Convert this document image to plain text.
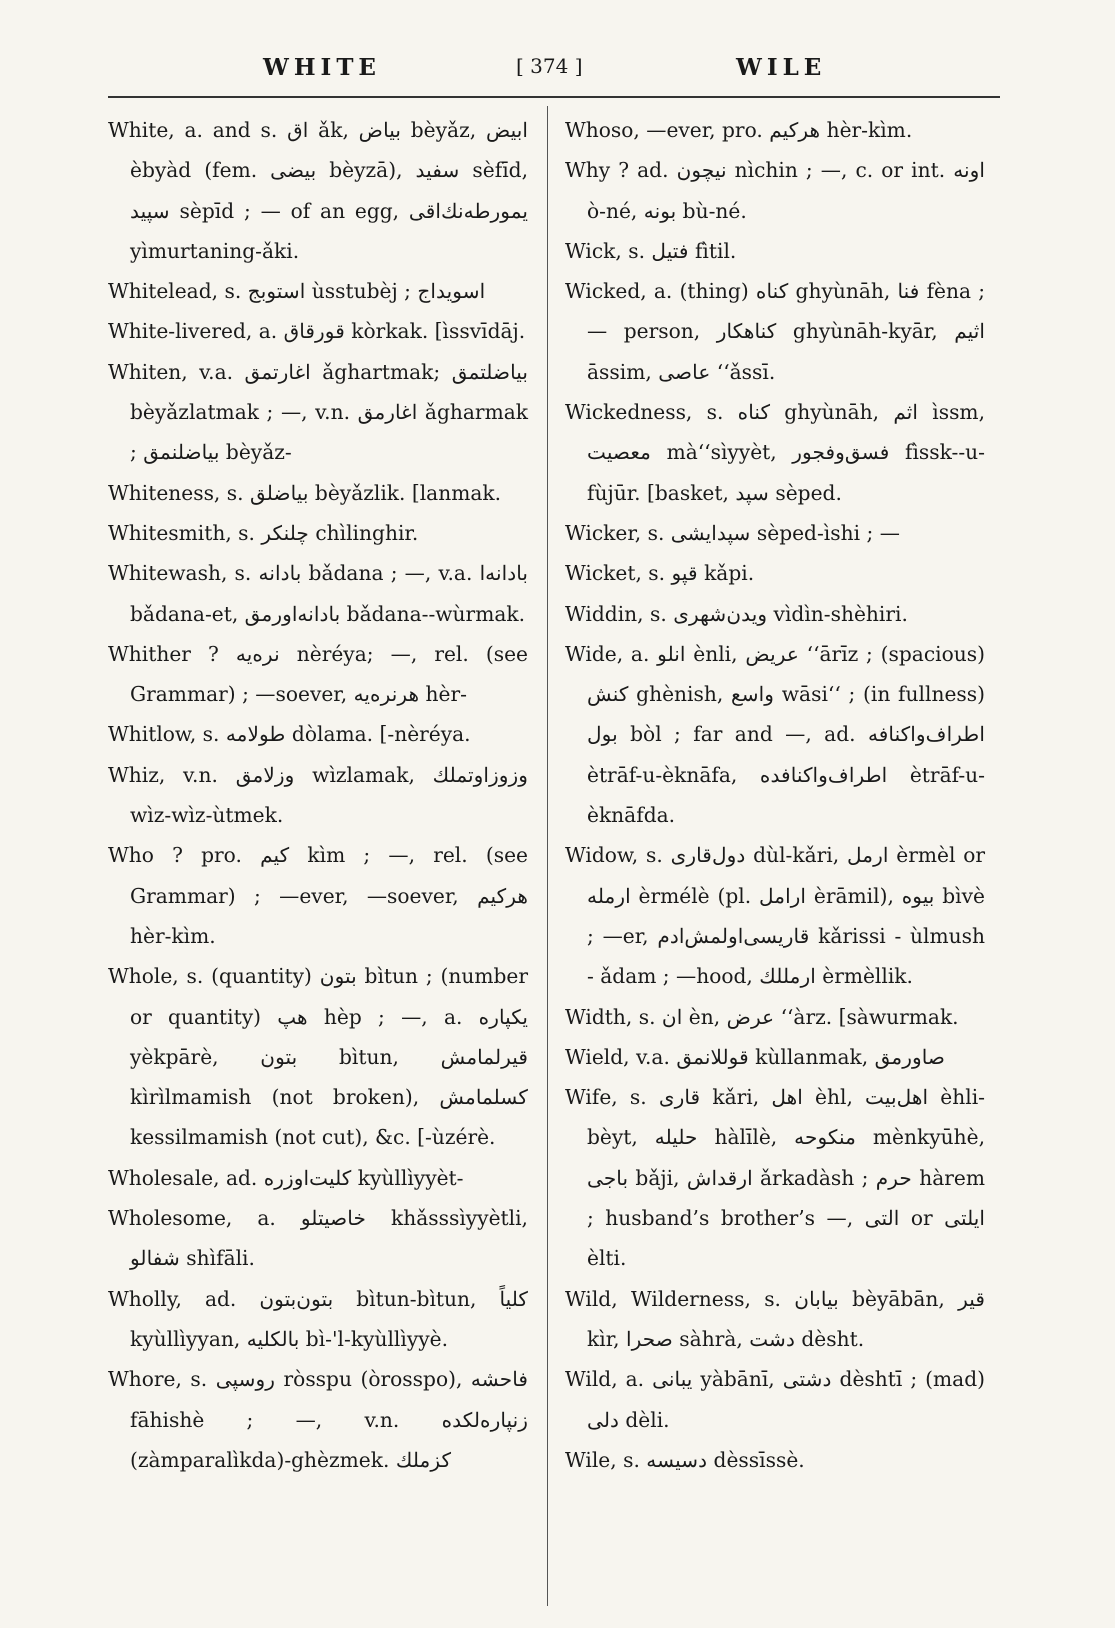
WHITE	[ 374 ]	WILE
White, a. and s. اق ǎk, بياض bèyǎz, ابيض èbyàd (fem. بيضى bèyzā), سفيد sèfīd, سپيد sèpīd ; — of an egg, يمورطه‌نك‌اقى yìmurtaning-ǎki.
Whitelead, s. استوبج ùsstubèj ; اسويداج
White-livered, a. قورقاق kòrkak. [ìssvīdāj.
Whiten, v.a. اغارتمق ǎghartmak; بياضلتمق bèyǎzlatmak ; —, v.n. اغارمق ǎgharmak ; بياضلنمق bèyǎz-
Whiteness, s. بياضلق bèyǎzlik. [lanmak.
Whitesmith, s. چلنكر chìlinghir.
Whitewash, s. بادانه bǎdana ; —, v.a. بادانه‌ا bǎdana-et, بادانه‌اورمق bǎdana--wùrmak.
Whither ? نره‌يه nèréya; —, rel. (see Grammar) ; —soever, هرنره‌يه hèr-
Whitlow, s. طولامه dòlama. [-nèréya.
Whiz, v.n. وزلامق wìzlamak, وزوزاوتملك wìz-wìz-ùtmek.
Who ? pro. كيم kìm ; —, rel. (see Grammar) ; —ever, —soever, هركيم hèr-kìm.
Whole, s. (quantity) بتون bìtun ; (number or quantity) هپ hèp ; —, a. يكپاره yèkpārè, بتون bìtun, قيرلمامش kìrìlmamish (not broken), كسلمامش kessilmamish (not cut), &c. [-ùzérè.
Wholesale, ad. كليت‌اوزره kyùllìyyèt-
Wholesome, a. خاصيتلو khǎsssìyyètli, شفالو shìfāli.
Wholly, ad. بتون‌بتون bìtun-bìtun, كلياً kyùllìyyan, بالكليه bì-'l-kyùllìyyè.
Whore, s. روسپى ròsspu (òrosspo), فاحشه fāhishè ; —, v.n. زنپاره‌لكده (zàmparalìkda)-ghèzmek. كزملك
Whoso, —ever, pro. هركيم hèr-kìm.
Why ? ad. نيچون nìchin ; —, c. or int. اونه ò-né, بونه bù-né.
Wick, s. فتيل fìtil.
Wicked, a. (thing) كناه ghyùnāh, فنا fèna ; — person, كناهكار ghyùnāh-kyār, اثيم āssim, عاصى ‘‘ǎssī.
Wickedness, s. كناه ghyùnāh, اثم ìssm, معصيت mà‘‘sìyyèt, فسق‌وفجور fìssk--u-fùjūr. [basket, سپد sèped.
Wicker, s. سپدايشى sèped-ìshi ; —
Wicket, s. قپو kǎpi.
Widdin, s. ويدن‌شهرى vìdìn-shèhiri.
Wide, a. انلو ènli, عريض ‘‘ārīz ; (spacious) كنش ghènish, واسع wāsi‘‘ ; (in fullness) بول bòl ; far and —, ad. اطراف‌واكنافه ètrāf-u-èknāfa, اطراف‌واكنافده ètrāf-u-èknāfda.
Widow, s. دول‌قارى dùl-kǎri, ارمل èrmèl or ارمله èrmélè (pl. ارامل èrāmil), بيوه bìvè ; —er, قاريسى‌اولمش‌ادم kǎrissi - ùlmush - ǎdam ; —hood, ارمللك èrmèllik.
Width, s. ان èn, عرض ‘‘àrz. [sàwurmak.
Wield, v.a. قوللانمق kùllanmak, صاورمق
Wife, s. قارى kǎri, اهل èhl, اهل‌بيت èhli-bèyt, حليله hàlīlè, منكوحه mènkyūhè, باجى bǎji, ارقداش ǎrkadàsh ; حرم hàrem ; husband’s brother’s —, التى or ايلتى èlti.
Wild, Wilderness, s. بيابان bèyābān, قير kìr, صحرا sàhrà, دشت dèsht.
Wild, a. يبانى yàbānī, دشتى dèshtī ; (mad) دلى dèli.
Wile, s. دسيسه dèssīssè.
